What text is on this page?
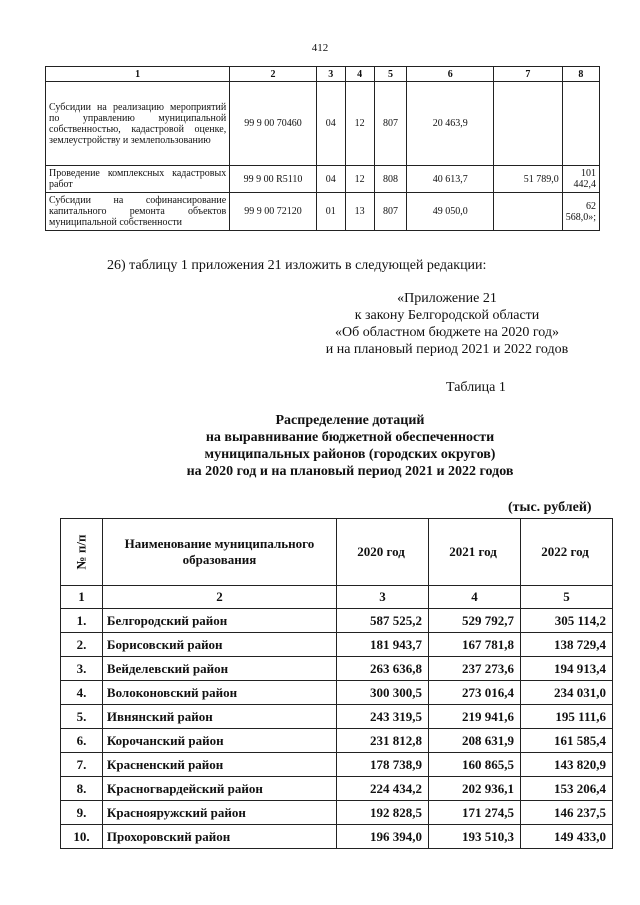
412
1	2	3	4	5	6	7	8
Субсидии на реализацию мероприятий по управлению муниципальной собственностью, кадастровой оценке, землеустройству и землепользованию	99 9 00 70460	04	12	807	20 463,9		
Проведение комплексных кадастровых работ	99 9 00 R5110	04	12	808	40 613,7	51 789,0	101 442,4
Субсидии на софинансирование капитального ремонта объектов муниципальной собственности	99 9 00 72120	01	13	807	49 050,0		62 568,0»;
26) таблицу 1 приложения 21 изложить в следующей редакции:
«Приложение 21
к закону Белгородской области
«Об областном бюджете на 2020 год»
и на плановый период 2021 и 2022 годов
Таблица 1
Распределение дотаций
на выравнивание бюджетной обеспеченности
муниципальных районов (городских округов)
на 2020 год и на плановый период 2021 и 2022 годов
(тыс. рублей)
№ п/п	Наименование муниципального образования	2020 год	2021 год	2022 год
1	2	3	4	5
1.	Белгородский район	587 525,2	529 792,7	305 114,2
2.	Борисовский район	181 943,7	167 781,8	138 729,4
3.	Вейделевский район	263 636,8	237 273,6	194 913,4
4.	Волоконовский район	300 300,5	273 016,4	234 031,0
5.	Ивнянский район	243 319,5	219 941,6	195 111,6
6.	Корочанский район	231 812,8	208 631,9	161 585,4
7.	Красненский район	178 738,9	160 865,5	143 820,9
8.	Красногвардейский район	224 434,2	202 936,1	153 206,4
9.	Краснояружский район	192 828,5	171 274,5	146 237,5
10.	Прохоровский район	196 394,0	193 510,3	149 433,0
